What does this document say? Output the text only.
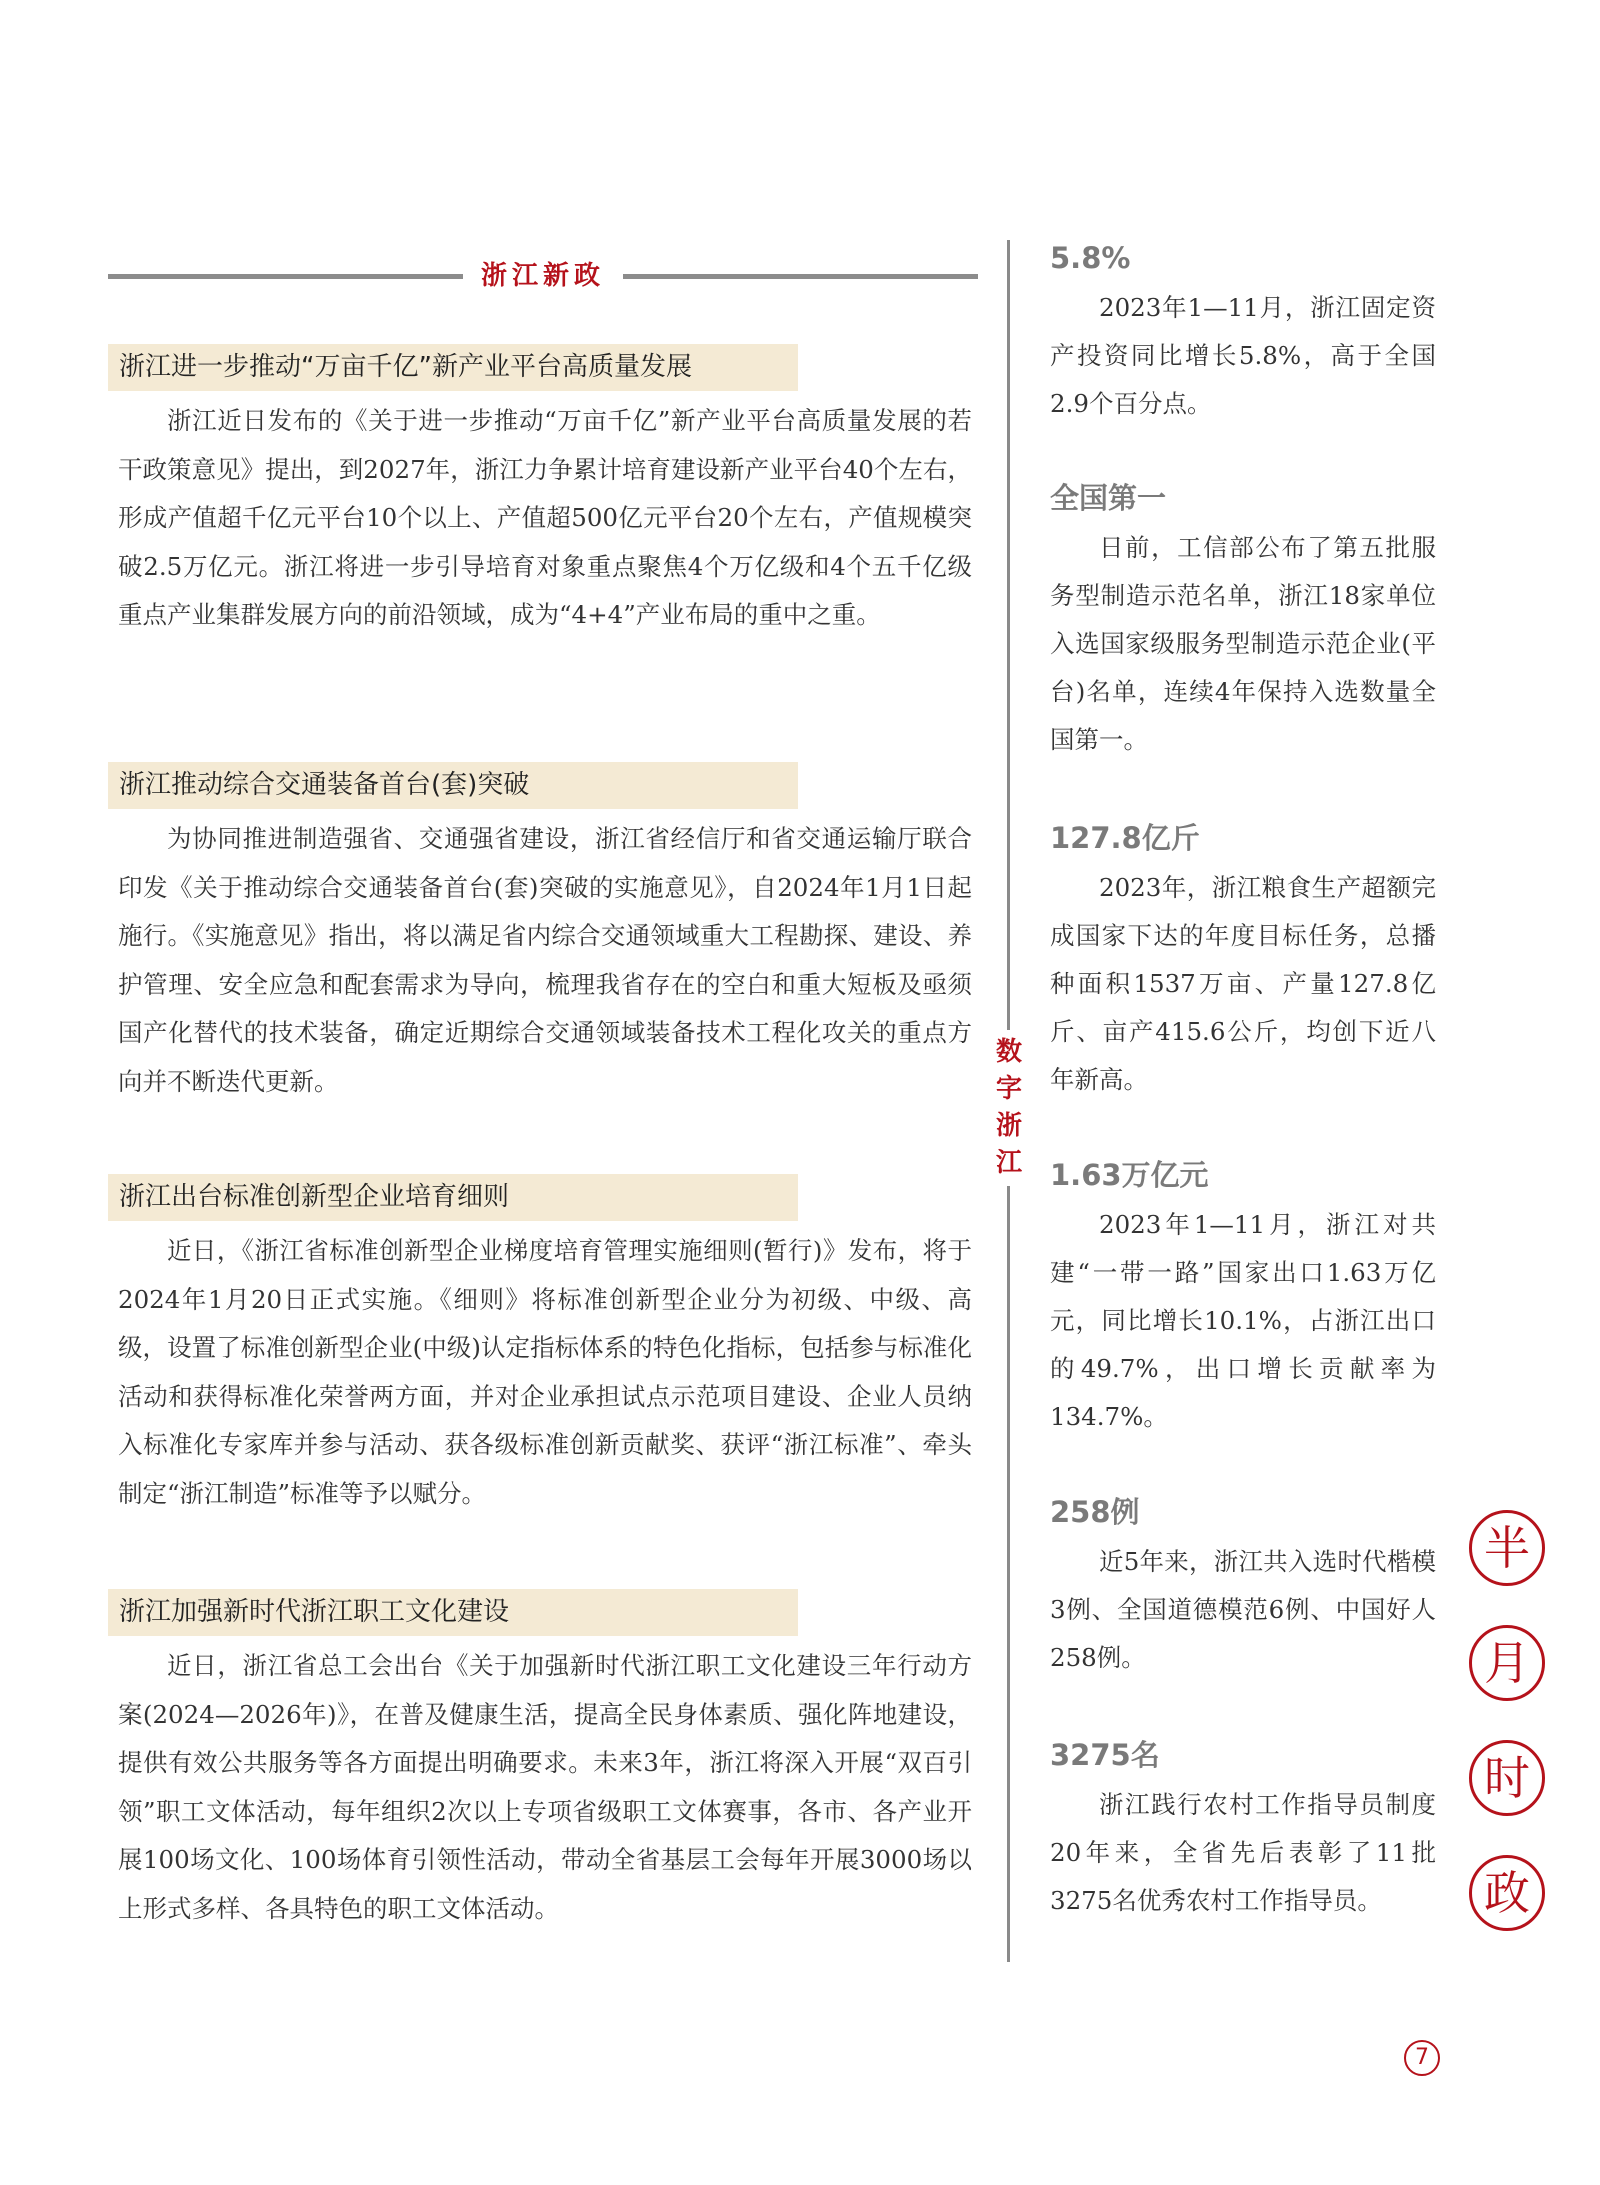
浙江新政
浙江进一步推动“万亩千亿”新产业平台高质量发展

浙江近日发布的《关于进一步推动“万亩千亿”新产业平台高质量发展的若干政策意见》提出，到2027年，浙江力争累计培育建设新产业平台40个左右，形成产值超千亿元平台10个以上、产值超500亿元平台20个左右，产值规模突破2.5万亿元。浙江将进一步引导培育对象重点聚焦4个万亿级和4个五千亿级重点产业集群发展方向的前沿领域，成为“4+4”产业布局的重中之重。

浙江推动综合交通装备首台(套)突破

为协同推进制造强省、交通强省建设，浙江省经信厅和省交通运输厅联合印发《关于推动综合交通装备首台(套)突破的实施意见》，自2024年1月1日起施行。《实施意见》指出，将以满足省内综合交通领域重大工程勘探、建设、养护管理、安全应急和配套需求为导向，梳理我省存在的空白和重大短板及亟须国产化替代的技术装备，确定近期综合交通领域装备技术工程化攻关的重点方向并不断迭代更新。

浙江出台标准创新型企业培育细则

近日，《浙江省标准创新型企业梯度培育管理实施细则(暂行)》发布，将于2024年1月20日正式实施。《细则》将标准创新型企业分为初级、中级、高级，设置了标准创新型企业(中级)认定指标体系的特色化指标，包括参与标准化活动和获得标准化荣誉两方面，并对企业承担试点示范项目建设、企业人员纳入标准化专家库并参与活动、获各级标准创新贡献奖、获评“浙江标准”、牵头制定“浙江制造”标准等予以赋分。

浙江加强新时代浙江职工文化建设

近日，浙江省总工会出台《关于加强新时代浙江职工文化建设三年行动方案(2024—2026年)》，在普及健康生活，提高全民身体素质、强化阵地建设，提供有效公共服务等各方面提出明确要求。未来3年，浙江将深入开展“双百引领”职工文体活动，每年组织2次以上专项省级职工文体赛事，各市、各产业开展100场文化、100场体育引领性活动，带动全省基层工会每年开展3000场以上形式多样、各具特色的职工文体活动。

数
字
浙
江

5.8%

2023年1—11月，浙江固定资产投资同比增长5.8%，高于全国2.9个百分点。

全国第一

日前，工信部公布了第五批服务型制造示范名单，浙江18家单位入选国家级服务型制造示范企业(平台)名单，连续4年保持入选数量全国第一。

127.8亿斤

2023年，浙江粮食生产超额完成国家下达的年度目标任务，总播种面积1537万亩、产量127.8亿斤、亩产415.6公斤，均创下近八年新高。

1.63万亿元

2023年1—11月，浙江对共建“一带一路”国家出口1.63万亿元，同比增长10.1%，占浙江出口的49.7%，出口增长贡献率为134.7%。

258例

近5年来，浙江共入选时代楷模3例、全国道德模范6例、中国好人258例。

3275名

浙江践行农村工作指导员制度20年来，全省先后表彰了11批3275名优秀农村工作指导员。

半
月
时
政
7
